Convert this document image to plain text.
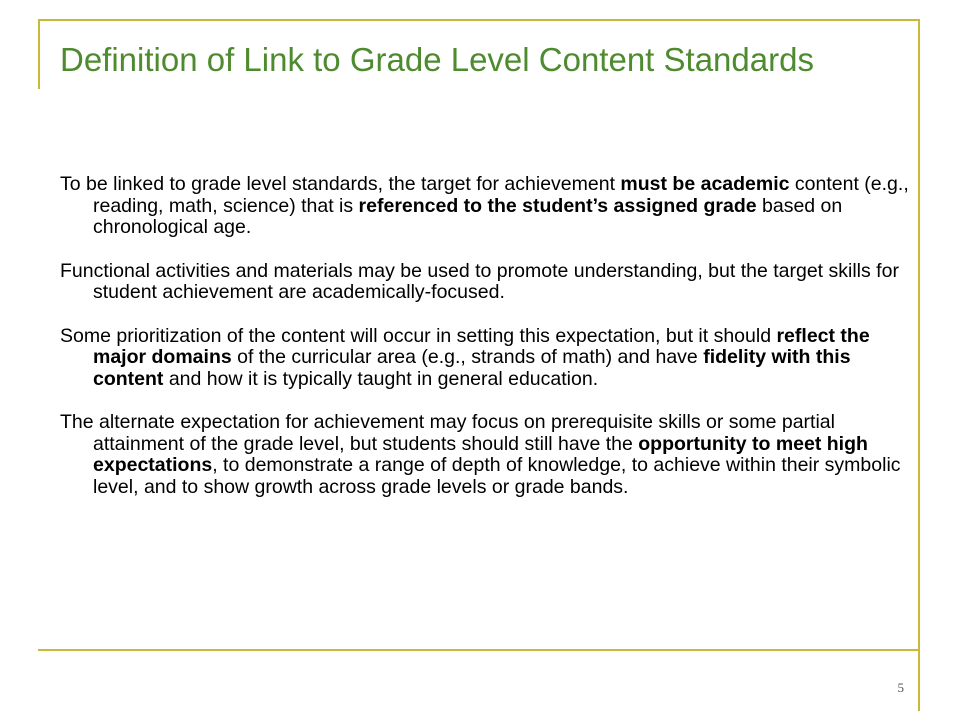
Definition of Link to Grade Level Content Standards

To be linked to grade level standards, the target for achievement must be academic content (e.g., reading, math, science) that is referenced to the student’s assigned grade based on chronological age.

Functional activities and materials may be used to promote understanding, but the target skills for student achievement are academically-focused.

Some prioritization of the content will occur in setting this expectation, but it should reflect the major domains of the curricular area (e.g., strands of math) and have fidelity with this content and how it is typically taught in general education.

The alternate expectation for achievement may focus on prerequisite skills or some partial attainment of the grade level, but students should still have the opportunity to meet high expectations, to demonstrate a range of depth of knowledge, to achieve within their symbolic level, and to show growth across grade levels or grade bands.

5
